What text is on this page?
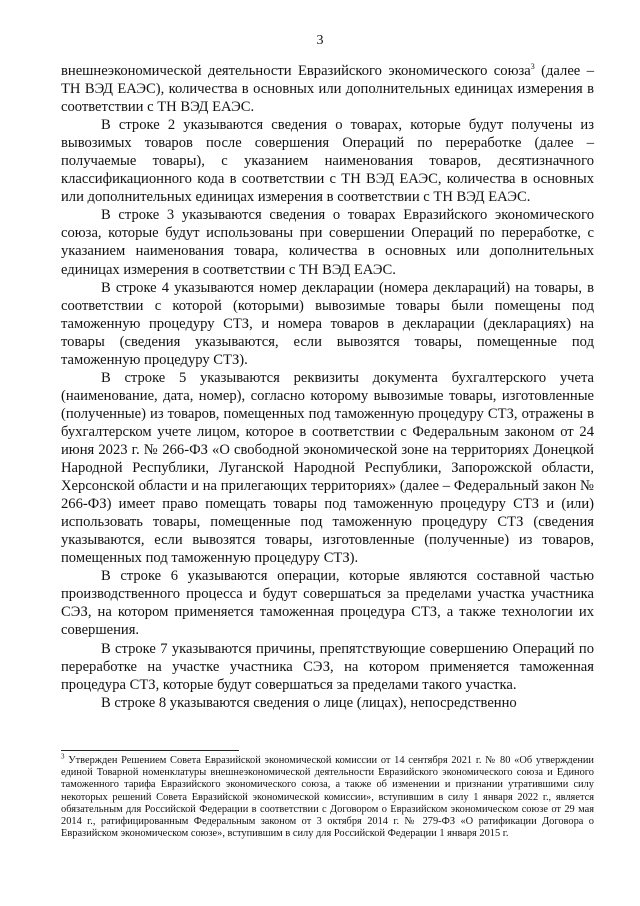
3

внешнеэкономической деятельности Евразийского экономического союза$^3$ (далее – ТН ВЭД ЕАЭС), количества в основных или дополнительных единицах измерения в соответствии с ТН ВЭД ЕАЭС.

В строке 2 указываются сведения о товарах, которые будут получены из вывозимых товаров после совершения Операций по переработке (далее – получаемые товары), с указанием наименования товаров, десятизначного классификационного кода в соответствии с ТН ВЭД ЕАЭС, количества в основных или дополнительных единицах измерения в соответствии с ТН ВЭД ЕАЭС.

В строке 3 указываются сведения о товарах Евразийского экономического союза, которые будут использованы при совершении Операций по переработке, с указанием наименования товара, количества в основных или дополнительных единицах измерения в соответствии с ТН ВЭД ЕАЭС.

В строке 4 указываются номер декларации (номера деклараций) на товары, в соответствии с которой (которыми) вывозимые товары были помещены под таможенную процедуру СТЗ, и номера товаров в декларации (декларациях) на товары (сведения указываются, если вывозятся товары, помещенные под таможенную процедуру СТЗ).

В строке 5 указываются реквизиты документа бухгалтерского учета (наименование, дата, номер), согласно которому вывозимые товары, изготовленные (полученные) из товаров, помещенных под таможенную процедуру СТЗ, отражены в бухгалтерском учете лицом, которое в соответствии с Федеральным законом от 24 июня 2023 г. № 266-ФЗ «О свободной экономической зоне на территориях Донецкой Народной Республики, Луганской Народной Республики, Запорожской области, Херсонской области и на прилегающих территориях» (далее – Федеральный закон № 266-ФЗ) имеет право помещать товары под таможенную процедуру СТЗ и (или) использовать товары, помещенные под таможенную процедуру СТЗ (сведения указываются, если вывозятся товары, изготовленные (полученные) из товаров, помещенных под таможенную процедуру СТЗ).

В строке 6 указываются операции, которые являются составной частью производственного процесса и будут совершаться за пределами участка участника СЭЗ, на котором применяется таможенная процедура СТЗ, а также технологии их совершения.

В строке 7 указываются причины, препятствующие совершению Операций по переработке на участке участника СЭЗ, на котором применяется таможенная процедура СТЗ, которые будут совершаться за пределами такого участка.

В строке 8 указываются сведения о лице (лицах), непосредственно

$^3$ Утвержден Решением Совета Евразийской экономической комиссии от 14 сентября 2021 г. № 80 «Об утверждении единой Товарной номенклатуры внешнеэкономической деятельности Евразийского экономического союза и Единого таможенного тарифа Евразийского экономического союза, а также об изменении и признании утратившими силу некоторых решений Совета Евразийской экономической комиссии», вступившим в силу 1 января 2022 г., является обязательным для Российской Федерации в соответствии с Договором о Евразийском экономическом союзе от 29 мая 2014 г., ратифицированным Федеральным законом от 3 октября 2014 г. № 279-ФЗ «О ратификации Договора о Евразийском экономическом союзе», вступившим в силу для Российской Федерации 1 января 2015 г.
